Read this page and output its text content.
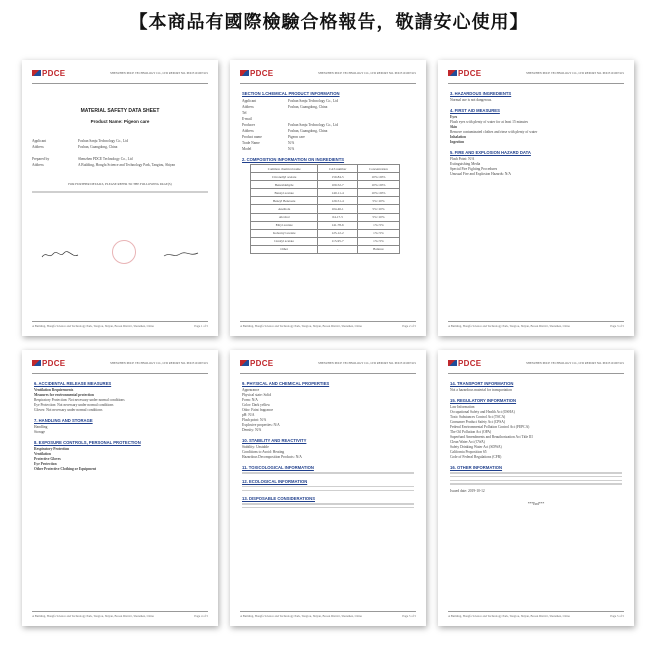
【本商品有國際檢驗合格報告，敬請安心使用】
PDCE	SHENZHEN PDCE TECHNOLOGY CO., LTD REPORT NO. PDCE19100741S
MATERIAL SAFETY DATA SHEET
Product Name: Pigeon care
Applicant	Foshan Sanju Technology Co., Ltd
Address	Foshan, Guangdong, China
Prepared by	Shenzhen PDCE Technology Co., Ltd
Address	A Building, Hongfa Science and Technology Park, Tangtou, Shiyan
FOR FURTHER DETAILS, PLEASE REFER TO THE FOLLOWING PAGE(S)
A Building, Hongfa Science and Technology Park, Tangtou, Shiyan, Baoan District, Shenzhen, China	Page 1 of 5
PDCE	SHENZHEN PDCE TECHNOLOGY CO., LTD REPORT NO. PDCE19100741S
SECTION 1.CHEMICAL PRODUCT INFORMATION
Applicant	Foshan Sanju Technology Co., Ltd
Address	Foshan, Guangdong, China
Tel
E-mail
Producer	Foshan Sanju Technology Co., Ltd
Address	Foshan, Guangdong, China
Product name	Pigeon care
Trade Name	N/A
Model	N/A
2. COMPOSITION INFORMATION ON INGREDIENTS
Common chemical name	CAS number	Concentration
Citronellyl acetate	150-84-5	10%~20%
Benzaldehyde	100-52-7	10%~20%
Benzyl acetate	140-11-4	10%~20%
Benzyl Benzoate	120-51-4	5%~10%
Anethole	104-46-1	5%~10%
Alcohol	64-17-5	5%~10%
Ethyl acetate	141-78-6	1%~5%
Isobornyl acetate	125-12-2	1%~5%
Linalyl acetate	115-95-7	1%~5%
Other	-	Balance
A Building, Hongfa Science and Technology Park, Tangtou, Shiyan, Baoan District, Shenzhen, China	Page 2 of 5
PDCE	SHENZHEN PDCE TECHNOLOGY CO., LTD REPORT NO. PDCE19100741S
3. HAZARDOUS INGREDIENTS
Normal use is not dangerous.
4. FIRST AID MEASURES
Eyes
Flush eyes with plenty of water for at least 15 minutes
Skin
Remove contaminated clothes and rinse with plenty of water
Inhalation
Ingestion
5. FIRE AND EXPLOSION HAZARD DATA
Flash Point: N/A
Extinguishing Media
Special Fire Fighting Procedures
Unusual Fire and Explosion Hazards: N/A
A Building, Hongfa Science and Technology Park, Tangtou, Shiyan, Baoan District, Shenzhen, China	Page 3 of 5
PDCE	SHENZHEN PDCE TECHNOLOGY CO., LTD REPORT NO. PDCE19100741S
6. ACCIDENTAL RELEASE MEASURES
Ventilation Requirements
Measures for environmental protection
Respiratory Protection: Not necessary under normal conditions
Eye Protection: Not necessary under normal conditions
Gloves: Not necessary under normal conditions
7. HANDLING AND STORAGE
Handling
Storage
8. EXPOSURE CONTROLS, PERSONAL PROTECTION
Respiratory Protection
Ventilation
Protective Gloves
Eye Protection
Other Protective Clothing or Equipment
A Building, Hongfa Science and Technology Park, Tangtou, Shiyan, Baoan District, Shenzhen, China	Page 4 of 5
PDCE	SHENZHEN PDCE TECHNOLOGY CO., LTD REPORT NO. PDCE19100741S
9. PHYSICAL AND CHEMICAL PROPERTIES
Appearance
Physical state: Solid
Form: N/A
Color: Dark yellow
Odor: Faint fragrance
pH: N/A
Flash point: N/A
Explosive properties: N/A
Density: N/A
10. STABILITY AND REACTIVITY
Stability: Unstable
Conditions to Avoid: Heating
Hazardous Decomposition Products: N/A
11. TOXICOLOGICAL INFORMATION
12. ECOLOGICAL INFORMATION
13. DISPOSABLE CONSIDERATIONS
A Building, Hongfa Science and Technology Park, Tangtou, Shiyan, Baoan District, Shenzhen, China	Page 5 of 5
PDCE	SHENZHEN PDCE TECHNOLOGY CO., LTD REPORT NO. PDCE19100741S
14. TRANSPORT INFORMATION
Not a hazardous material for transportation
15. REGULATORY INFORMATION
Law Information
Occupational Safety and Health Act (OSHA)
Toxic Substances Control Act (TSCA)
Consumer Product Safety Act (CPSA)
Federal Environmental Pollution Control Act (FEPCA)
The Oil Pollution Act (OPA)
Superfund Amendments and Reauthorization Act Title III
Clean Water Act (CWA)
Safety Drinking Water Act (SDWA)
California Proposition 65
Code of Federal Regulations (CFR)
16. OTHER INFORMATION
Issued date: 2019-10-12
***End***
A Building, Hongfa Science and Technology Park, Tangtou, Shiyan, Baoan District, Shenzhen, China	Page 5 of 5
